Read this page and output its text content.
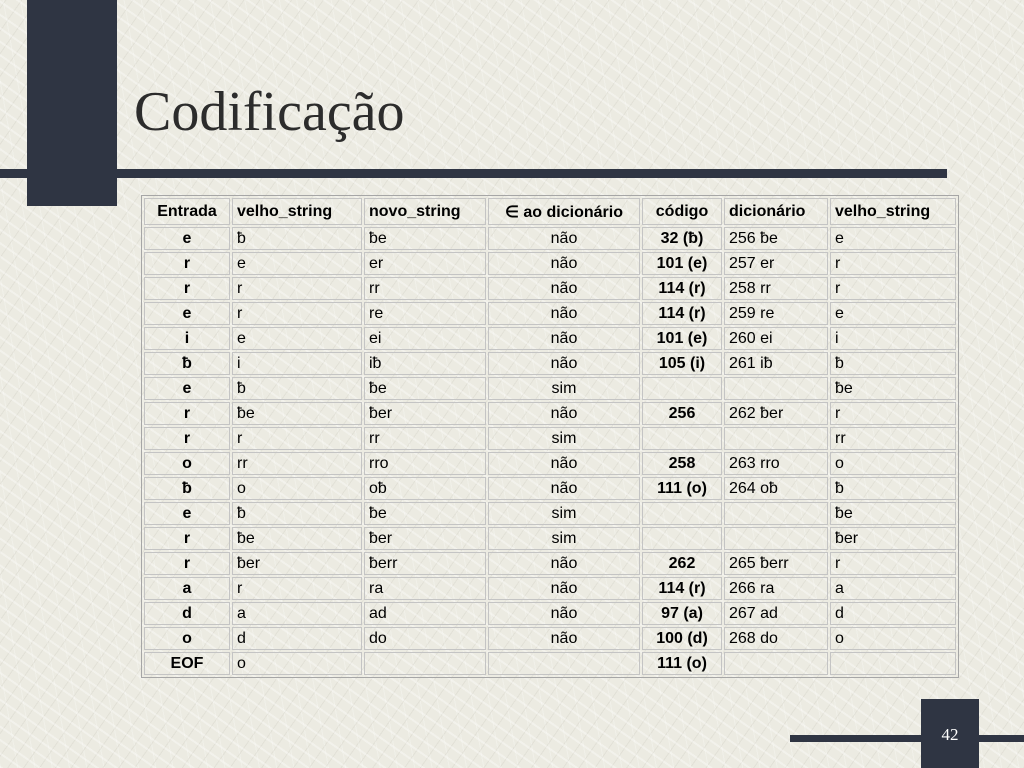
Codificação
Entrada	velho_string	novo_string	∈ ao dicionário	código	dicionário	velho_string
e	ƀ	ƀe	não	32 (ƀ)	256 ƀe	e
r	e	er	não	101 (e)	257 er	r
r	r	rr	não	114 (r)	258 rr	r
e	r	re	não	114 (r)	259 re	e
i	e	ei	não	101 (e)	260 ei	i
ƀ	i	iƀ	não	105 (i)	261 iƀ	ƀ
e	ƀ	ƀe	sim			ƀe
r	ƀe	ƀer	não	256	262 ƀer	r
r	r	rr	sim			rr
o	rr	rro	não	258	263 rro	o
ƀ	o	oƀ	não	111 (o)	264 oƀ	ƀ
e	ƀ	ƀe	sim			ƀe
r	ƀe	ƀer	sim			ƀer
r	ƀer	ƀerr	não	262	265 ƀerr	r
a	r	ra	não	114 (r)	266 ra	a
d	a	ad	não	97 (a)	267 ad	d
o	d	do	não	100 (d)	268 do	o
EOF	o			111 (o)		
42
